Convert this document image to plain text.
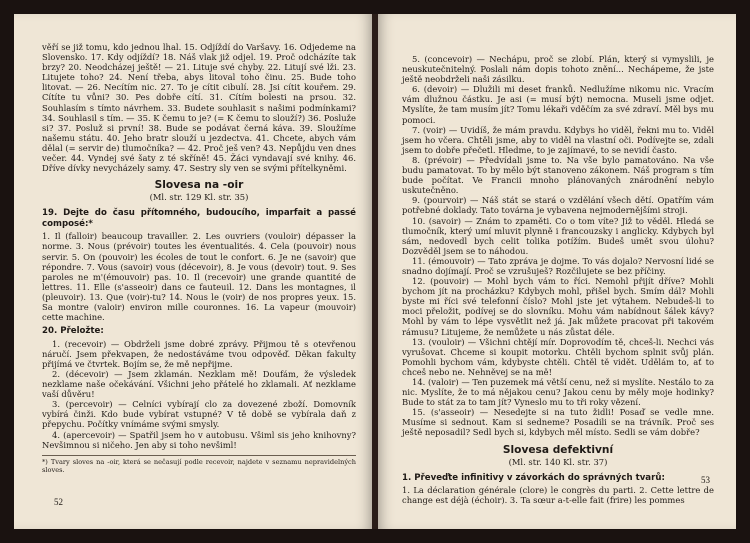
věří se již tomu, kdo jednou lhal. 15. Odjíždí do Varšavy. 16. Odjedeme na Slovensko. 17. Kdy odjíždí? 18. Náš vlak již odjel. 19. Proč odcházíte tak brzy? 20. Neodcházej ještě! — 21. Lituje své chyby. 22. Litují své lži. 23. Litujete toho? 24. Není třeba, abys litoval toho činu. 25. Bude toho litovat. — 26. Necítím nic. 27. To je cítit cibulí. 28. Jsi cítit kouřem. 29. Cítíte tu vůni? 30. Pes dobře cítí. 31. Cítím bolesti na prsou. 32. Souhlasím s tímto návrhem. 33. Budete souhlasit s našimi podmínkami? 34. Souhlasil s tím. — 35. K čemu to je? (= K čemu to slouží?) 36. Posluže si? 37. Posluž si první! 38. Bude se podávat černá káva. 39. Sloužíme našemu státu. 40. Jeho bratr slouží u jezdectva. 41. Chcete, abych vám dělal (= servir de) tlumočníka? — 42. Proč ješ ven? 43. Nepůjdu ven dnes večer. 44. Vyndej své šaty z té skříně! 45. Žáci vyndavají své knihy. 46. Dříve dívky nevycházely samy. 47. Sestry sly ven se svými přítelkyněmi.

Slovesa na -oir
(Ml. str. 129 Kl. str. 35)
19. Dejte do času přítomného, budoucího, imparfait a passé composé:*

1. Il (falloir) beaucoup travailler. 2. Les ouvriers (vouloir) dépasser la norme. 3. Nous (prévoir) toutes les éventualités. 4. Cela (pouvoir) nous servir. 5. On (pouvoir) les écoles de tout le confort. 6. Je ne (savoir) que répondre. 7. Vous (savoir) vous (décevoir), 8. Je vous (devoir) tout. 9. Ses paroles ne m'(émouvoir) pas. 10. Il (recevoir) une grande quantité de lettres. 11. Elle (s'asseoir) dans ce fauteuil. 12. Dans les montagnes, il (pleuvoir). 13. Que (voir)-tu? 14. Nous le (voir) de nos propres yeux. 15. Sa montre (valoir) environ mille couronnes. 16. La vapeur (mouvoir) cette machine.

20. Přeložte:

1. (recevoir) — Obdrželi jsme dobré zprávy. Přijmou tě s otevřenou náručí. Jsem překvapen, že nedostáváme tvou odpověď. Děkan fakulty přijímá ve čtvrtek. Bojím se, že mě nepřijme.

2. (décevoir) — Jsem zklamán. Nezklam mě! Doufám, že výsledek nezklame naše očekávání. Všichni jeho přátelé ho zklamali. Ať nezklame vaší důvěru!

3. (percevoir) — Celníci vybírají clo za dovezené zboží. Domovník vybírá činži. Kdo bude vybírat vstupné? V tě době se vybírala daň z přepychu. Počítky vnímáme svými smysly.

4. (apercevoir) — Spatřil jsem ho v autobusu. Všiml sis jeho knihovny? Nevšimnou si ničeho. Jen aby si toho nevšiml!

*) Tvary sloves na -oir, která se nečasují podle recevoir, najdete v seznamu nepravidelných sloves.
52

5. (concevoir) — Nechápu, proč se zlobí. Plán, který si vymyslili, je neuskutečnitelný. Poslali nám dopis tohoto znění... Nechápeme, že jste ještě neobdrželi naši zásilku.

6. (devoir) — Dlužili mi deset franků. Nedlužíme nikomu nic. Vracím vám dlužnou částku. Je asi (= musí být) nemocna. Museli jsme odjet. Myslíte, že tam musím jít? Tomu lékaři vděčím za své zdraví. Měl bys mu pomoci.

7. (voir) — Uvidíš, že mám pravdu. Kdybys ho viděl, řekni mu to. Viděl jsem ho včera. Chtěli jsme, aby to viděl na vlastní oči. Podívejte se, zdali jsem to dobře přečetl. Hledme, to je zajímavé, to se nevidí často.

8. (prévoir) — Předvídali jsme to. Na vše bylo pamatováno. Na vše budu pamatovat. To by mělo být stanoveno zákonem. Náš program s tím bude počítat. Ve Francii mnoho plánovaných znárodnění nebylo uskutečněno.

9. (pourvoir) — Náš stát se stará o vzdělání všech dětí. Opatřím vám potřebné doklady. Tato továrna je vybavena nejmodernějšími stroji.

10. (savoir) — Znám to zpaměti. Co o tom víte? Již to věděl. Hledá se tlumočník, který umí mluvit plynně i francouzsky i anglicky. Kdybych byl sám, nedovedl bych celit tolika potížím. Budeš umět svou úlohu? Dozvěděl jsem se to náhodou.

11. (émouvoir) — Tato zpráva je dojme. To vás dojalo? Nervosní lidé se snadno dojímají. Proč se vzrušuješ? Rozčilujete se bez příčiny.

12. (pouvoir) — Mohl bych vám to říci. Nemohl přijít dříve? Mohli bychom jít na procházku? Kdybych mohl, přišel bych. Smím dál? Mohli byste mi říci své telefonní číslo? Mohl jste jet výtahem. Nebudeš-li to moci přeložit, podívej se do slovníku. Mohu vám nabídnout šálek kávy? Mohl by vám to lépe vysvětlit než já. Jak můžete pracovat při takovém rámusu? Litujeme, že nemůžete u nás zůstat déle.

13. (vouloir) — Všichni chtějí mír. Doprovodím tě, chceš-li. Nechci vás vyrušovat. Chceme si koupit motorku. Chtěli bychom splnit svůj plán. Pomohli bychom vám, kdybyste chtěli. Chtěl tě vidět. Udělám to, ať to chceš nebo ne. Nehněvej se na mě!

14. (valoir) — Ten puzemek má větší cenu, než si myslíte. Nestálo to za nic. Myslíte, že to má nějakou cenu? Jakou cenu by měly moje hodinky? Bude to stát za to tam jít? Vyneslo mu to tři roky vězení.

15. (s'asseoir) — Nesedejte si na tuto židli! Posaď se vedle mne. Musíme si sednout. Kam si sedneme? Posadili se na trávník. Proč ses ještě neposadil? Sedl bych si, kdybych měl místo. Sedli se vám dobře?

Slovesa defektivní
(Ml. str. 140 Kl. str. 37)
1. Převeďte infinitivy v závorkách do správných tvarů:

1. La déclaration générale (clore) le congrès du parti. 2. Cette lettre de change est déjà (échoir). 3. Ta sœur a-t-elle fait (frire) les pommes

53
